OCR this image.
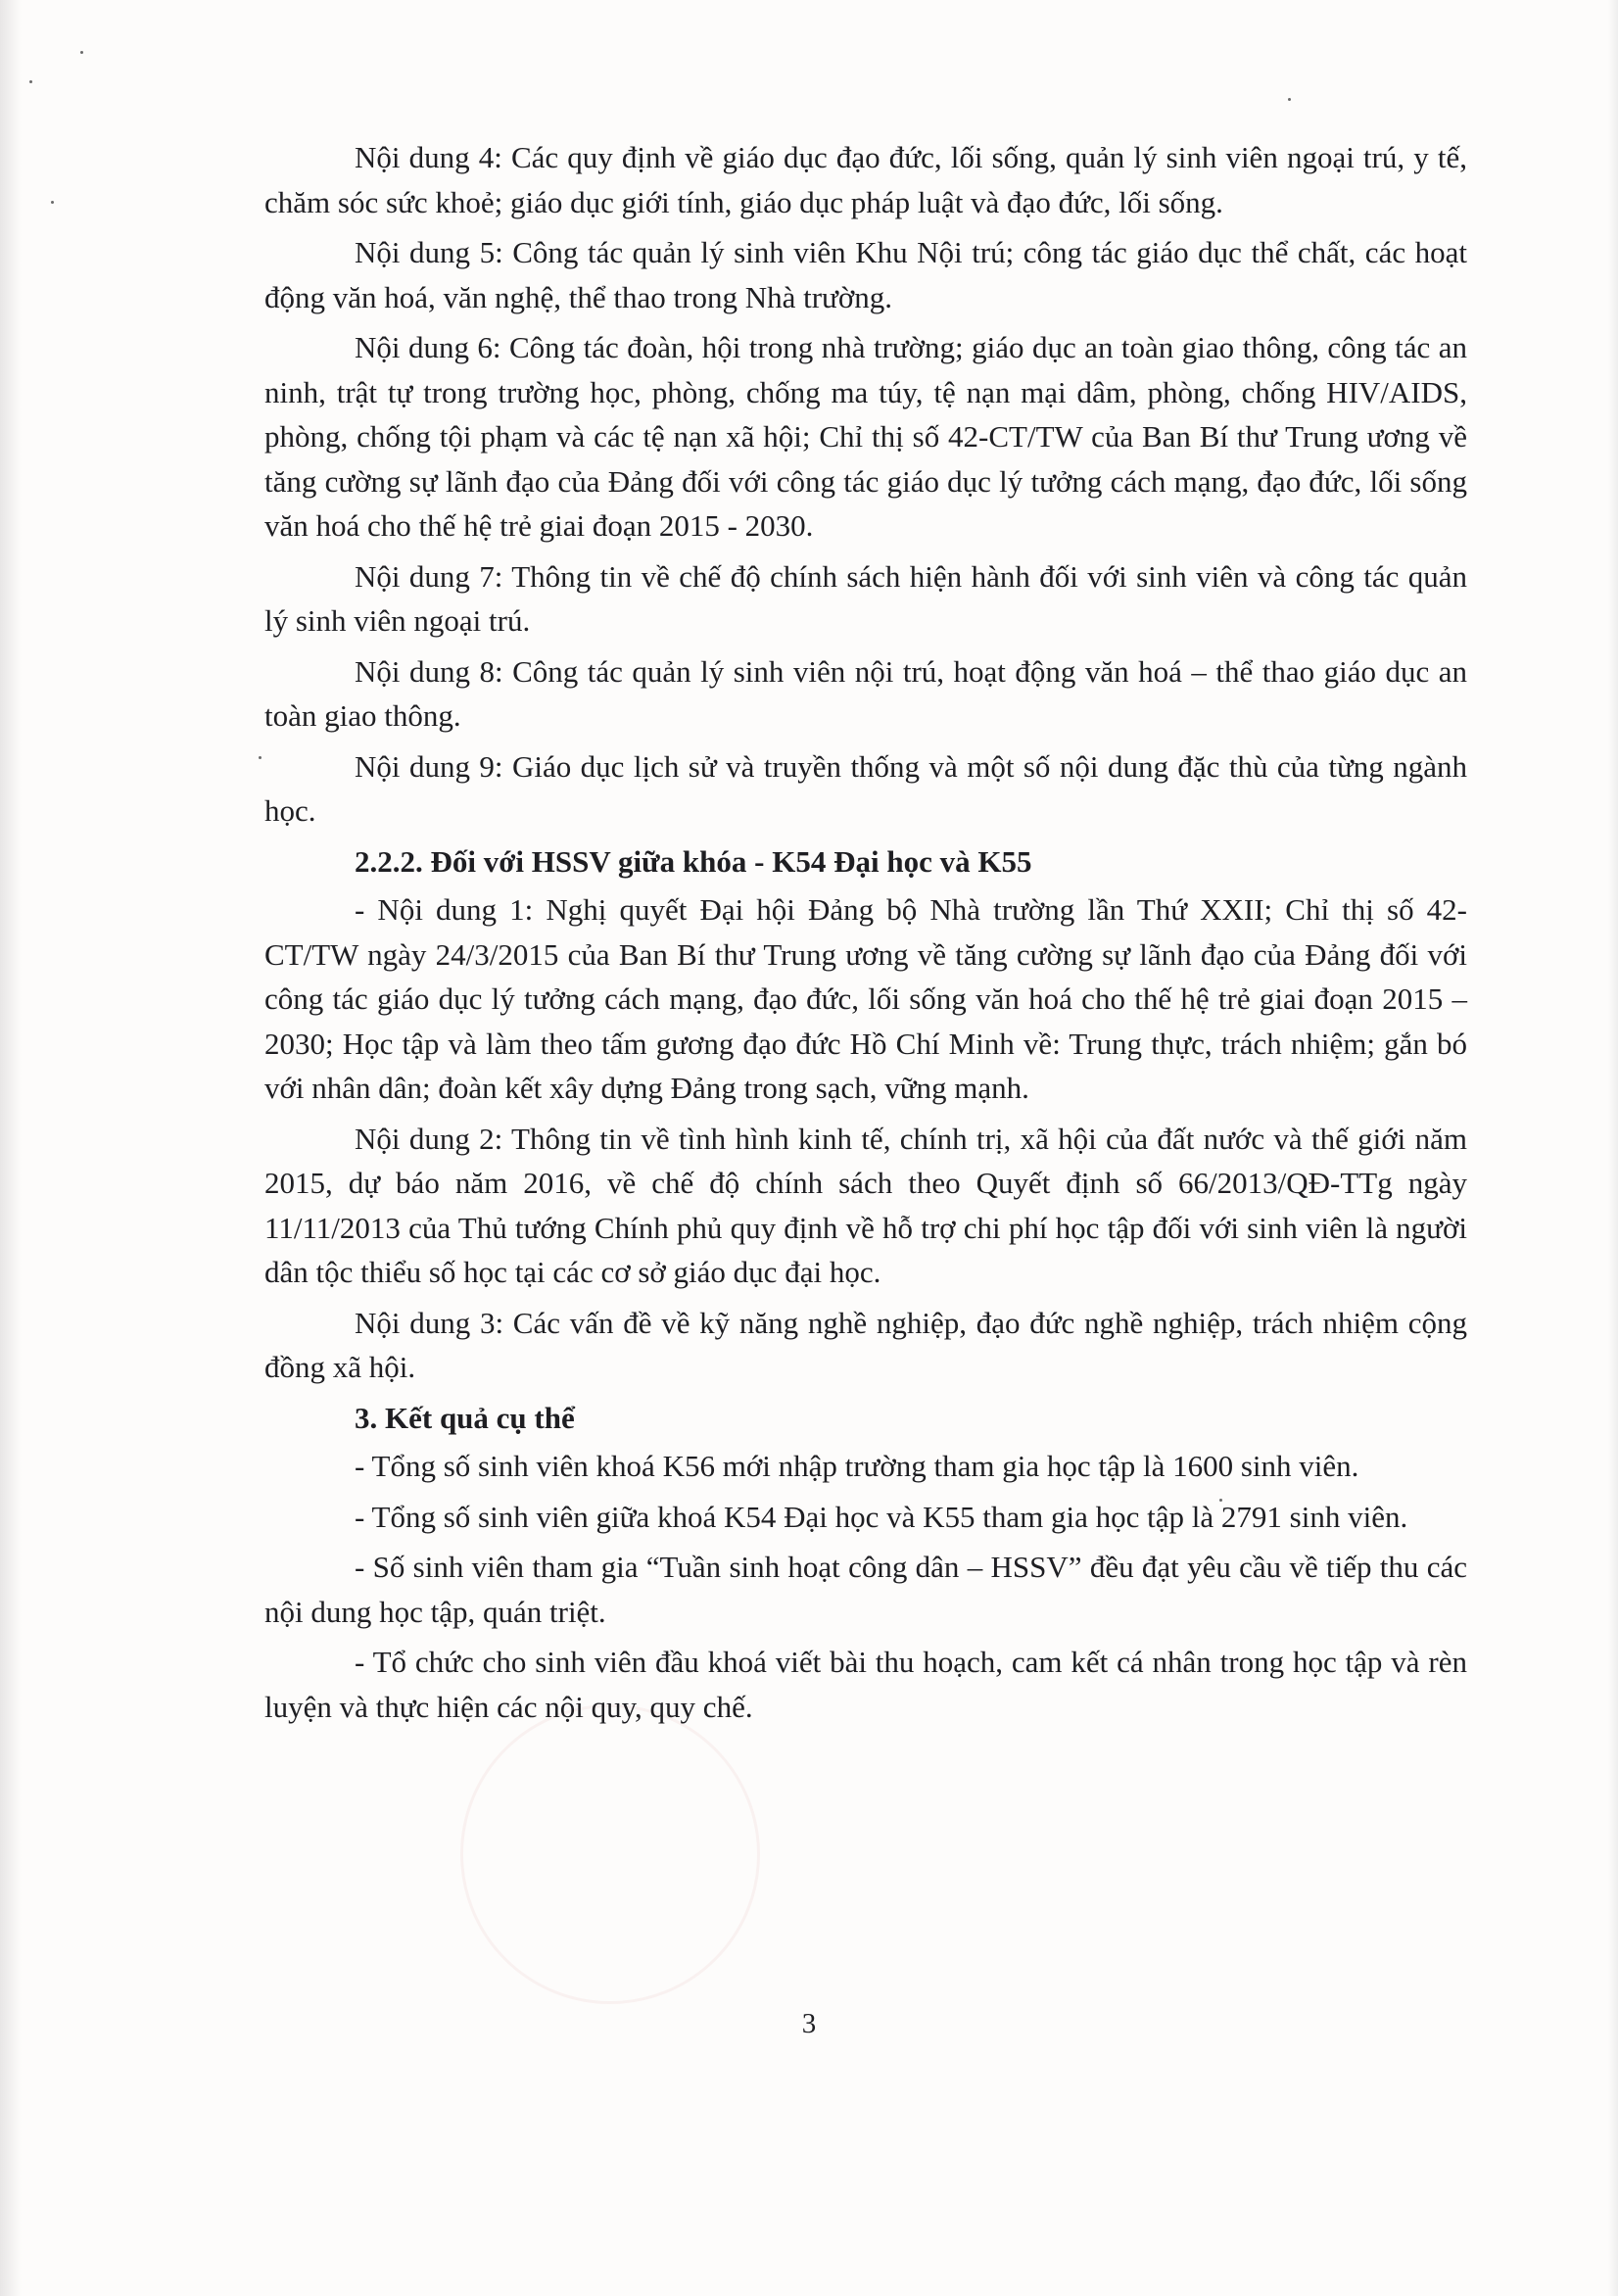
Nội dung 4: Các quy định về giáo dục đạo đức, lối sống, quản lý sinh viên ngoại trú, y tế, chăm sóc sức khoẻ; giáo dục giới tính, giáo dục pháp luật và đạo đức, lối sống.

Nội dung 5: Công tác quản lý sinh viên Khu Nội trú; công tác giáo dục thể chất, các hoạt động văn hoá, văn nghệ, thể thao trong Nhà trường.

Nội dung 6: Công tác đoàn, hội trong nhà trường; giáo dục an toàn giao thông, công tác an ninh, trật tự trong trường học, phòng, chống ma túy, tệ nạn mại dâm, phòng, chống HIV/AIDS, phòng, chống tội phạm và các tệ nạn xã hội; Chỉ thị số 42-CT/TW của Ban Bí thư Trung ương về tăng cường sự lãnh đạo của Đảng đối với công tác giáo dục lý tưởng cách mạng, đạo đức, lối sống văn hoá cho thế hệ trẻ giai đoạn 2015 - 2030.

Nội dung 7: Thông tin về chế độ chính sách hiện hành đối với sinh viên và công tác quản lý sinh viên ngoại trú.

Nội dung 8: Công tác quản lý sinh viên nội trú, hoạt động văn hoá – thể thao giáo dục an toàn giao thông.

Nội dung 9: Giáo dục lịch sử và truyền thống và một số nội dung đặc thù của từng ngành học.

2.2.2. Đối với HSSV giữa khóa - K54 Đại học và K55

- Nội dung 1: Nghị quyết Đại hội Đảng bộ Nhà trường lần Thứ XXII; Chỉ thị số 42-CT/TW ngày 24/3/2015 của Ban Bí thư Trung ương về tăng cường sự lãnh đạo của Đảng đối với công tác giáo dục lý tưởng cách mạng, đạo đức, lối sống văn hoá cho thế hệ trẻ giai đoạn 2015 – 2030; Học tập và làm theo tấm gương đạo đức Hồ Chí Minh về: Trung thực, trách nhiệm; gắn bó với nhân dân; đoàn kết xây dựng Đảng trong sạch, vững mạnh.

Nội dung 2: Thông tin về tình hình kinh tế, chính trị, xã hội của đất nước và thế giới năm 2015, dự báo năm 2016, về chế độ chính sách theo Quyết định số 66/2013/QĐ-TTg ngày 11/11/2013 của Thủ tướng Chính phủ quy định về hỗ trợ chi phí học tập đối với sinh viên là người dân tộc thiểu số học tại các cơ sở giáo dục đại học.

Nội dung 3: Các vấn đề về kỹ năng nghề nghiệp, đạo đức nghề nghiệp, trách nhiệm cộng đồng xã hội.

3. Kết quả cụ thể

- Tổng số sinh viên khoá K56 mới nhập trường tham gia học tập là 1600 sinh viên.

- Tổng số sinh viên giữa khoá K54 Đại học và K55 tham gia học tập là 2791 sinh viên.

- Số sinh viên tham gia “Tuần sinh hoạt công dân – HSSV” đều đạt yêu cầu về tiếp thu các nội dung học tập, quán triệt.

- Tổ chức cho sinh viên đầu khoá viết bài thu hoạch, cam kết cá nhân trong học tập và rèn luyện và thực hiện các nội quy, quy chế.

3
